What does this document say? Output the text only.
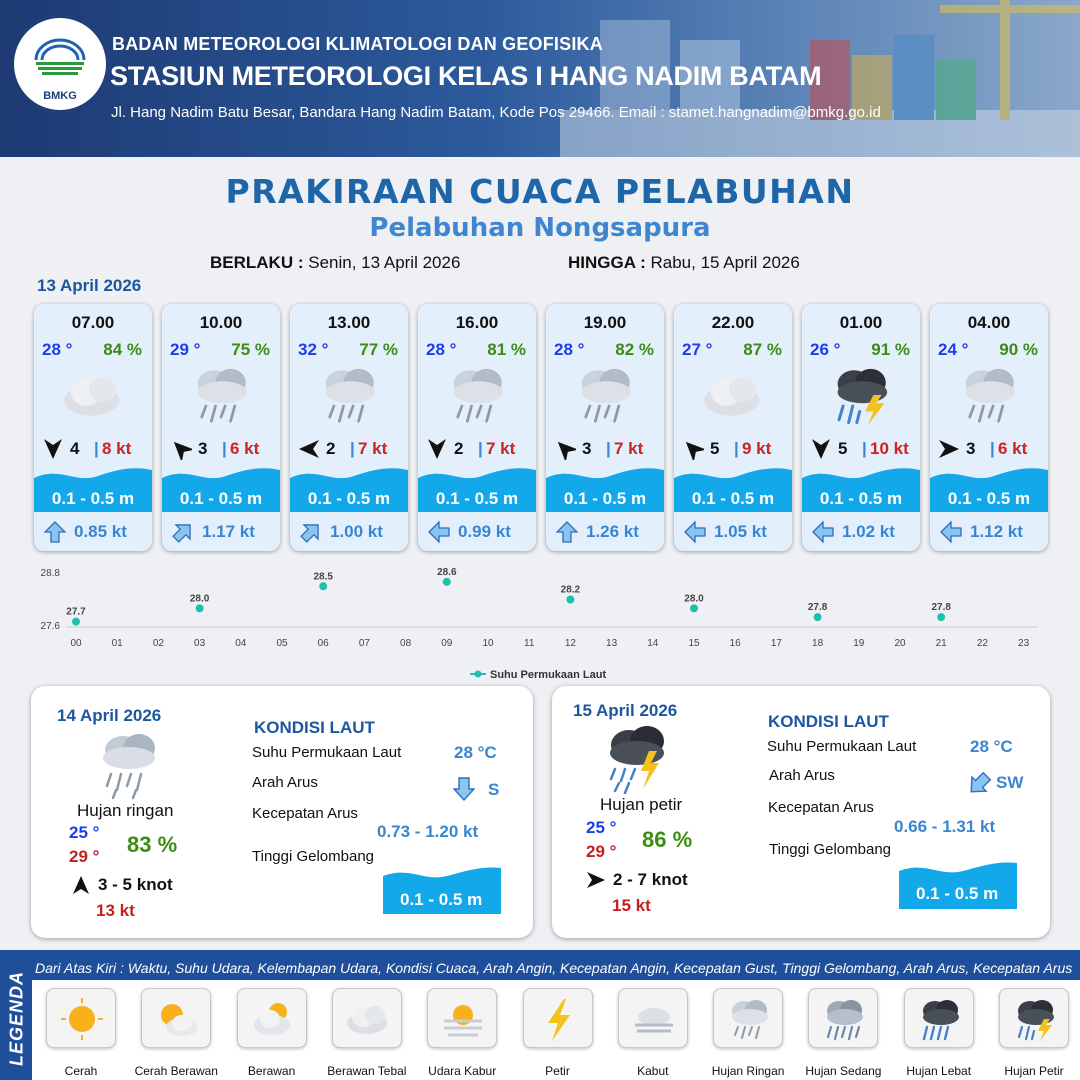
BMKG
BADAN METEOROLOGI KLIMATOLOGI DAN GEOFISIKA
STASIUN METEOROLOGI KELAS I HANG NADIM BATAM
Jl. Hang Nadim Batu Besar, Bandara Hang Nadim Batam, Kode Pos 29466. Email : stamet.hangnadim@bmkg.go.id
PRAKIRAAN CUACA PELABUHAN
Pelabuhan Nongsapura
BERLAKU : Senin, 13 April 2026	HINGGA : Rabu, 15 April 2026
13 April 2026
07.00
28 ° 84 %
4 | 8 kt
0.1 - 0.5 m
0.85 kt
10.00
29 ° 75 %
3 | 6 kt
0.1 - 0.5 m
1.17 kt
13.00
32 ° 77 %
2 | 7 kt
0.1 - 0.5 m
1.00 kt
16.00
28 ° 81 %
2 | 7 kt
0.1 - 0.5 m
0.99 kt
19.00
28 ° 82 %
3 | 7 kt
0.1 - 0.5 m
1.26 kt
22.00
27 ° 87 %
5 | 9 kt
0.1 - 0.5 m
1.05 kt
01.00
26 ° 91 %
5 | 10 kt
0.1 - 0.5 m
1.02 kt
04.00
24 ° 90 %
3 | 6 kt
0.1 - 0.5 m
1.12 kt
28.8
27.6
00	01	02	03	04	05	06	07	08	09	10	11	12	13	14	15	16	17	18	19	20	21	22	23
27.7
28.0
28.5	28.6
28.2
28.0
27.8	27.8
Suhu Permukaan Laut
14 April 2026
Hujan ringan
25 °
29 ° 83 %
3 - 5 knot
13 kt
KONDISI LAUT
Suhu Permukaan Laut	28 °C
Arah Arus	S
Kecepatan Arus
0.73 - 1.20 kt
Tinggi Gelombang
0.1 - 0.5 m
15 April 2026
Hujan petir
25 °
29 ° 86 %
2 - 7 knot
15 kt
KONDISI LAUT
Suhu Permukaan Laut	28 °C
Arah Arus	SW
Kecepatan Arus
0.66 - 1.31 kt
Tinggi Gelombang
0.1 - 0.5 m
LEGENDA
Dari Atas Kiri : Waktu, Suhu Udara, Kelembapan Udara, Kondisi Cuaca, Arah Angin, Kecepatan Angin, Kecepatan Gust, Tinggi Gelombang, Arah Arus, Kecepatan Arus
Cerah	Cerah Berawan	Berawan	Berawan Tebal	Udara Kabur	Petir	Kabut	Hujan Ringan	Hujan Sedang	Hujan Lebat	Hujan Petir
